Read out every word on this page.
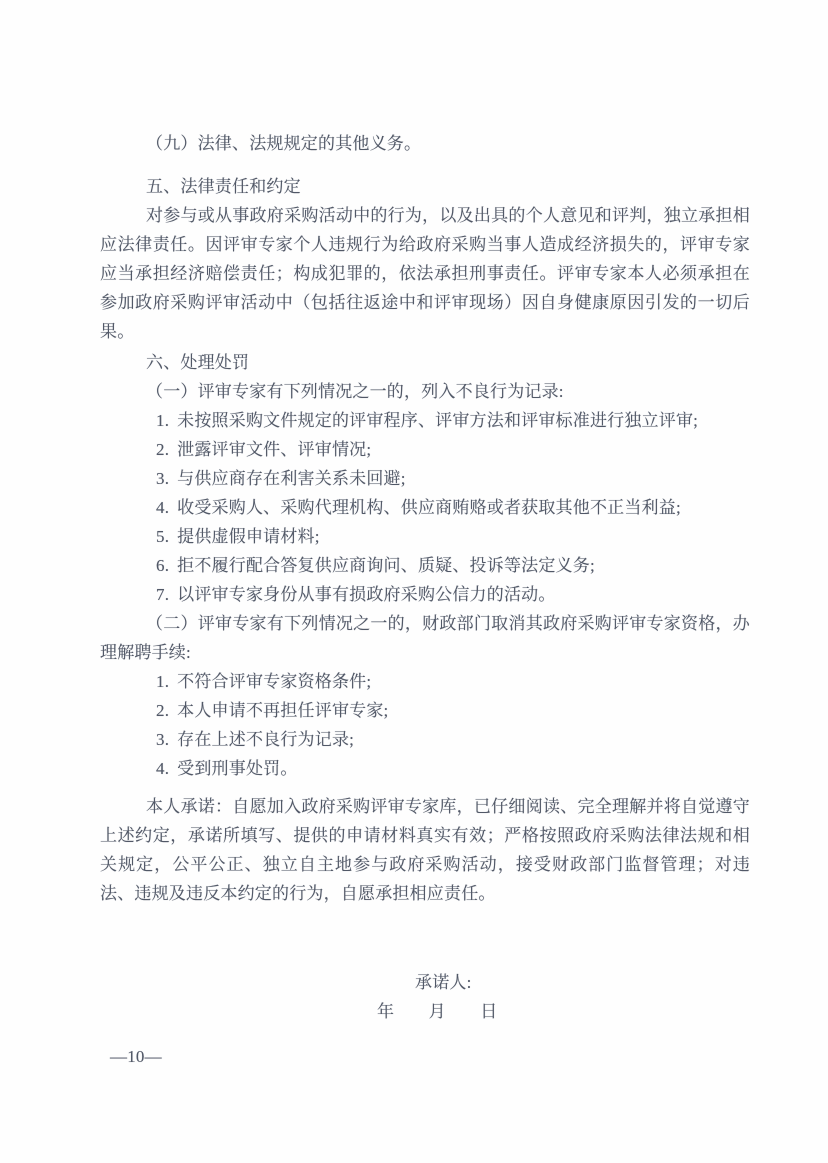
（九）法律、法规规定的其他义务。

五、法律责任和约定

对参与或从事政府采购活动中的行为，以及出具的个人意见和评判，独立承担相应法律责任。因评审专家个人违规行为给政府采购当事人造成经济损失的，评审专家应当承担经济赔偿责任；构成犯罪的，依法承担刑事责任。评审专家本人必须承担在参加政府采购评审活动中（包括往返途中和评审现场）因自身健康原因引发的一切后果。

六、处理处罚

（一）评审专家有下列情况之一的，列入不良行为记录:

1. 未按照采购文件规定的评审程序、评审方法和评审标准进行独立评审;
2. 泄露评审文件、评审情况;
3. 与供应商存在利害关系未回避;
4. 收受采购人、采购代理机构、供应商贿赂或者获取其他不正当利益;
5. 提供虚假申请材料;
6. 拒不履行配合答复供应商询问、质疑、投诉等法定义务;
7. 以评审专家身份从事有损政府采购公信力的活动。

（二）评审专家有下列情况之一的，财政部门取消其政府采购评审专家资格，办理解聘手续:

1. 不符合评审专家资格条件;
2. 本人申请不再担任评审专家;
3. 存在上述不良行为记录;
4. 受到刑事处罚。

本人承诺：自愿加入政府采购评审专家库，已仔细阅读、完全理解并将自觉遵守上述约定，承诺所填写、提供的申请材料真实有效；严格按照政府采购法律法规和相关规定，公平公正、独立自主地参与政府采购活动，接受财政部门监督管理；对违法、违规及违反本约定的行为，自愿承担相应责任。

承诺人:
年　　月　　日
—10—
